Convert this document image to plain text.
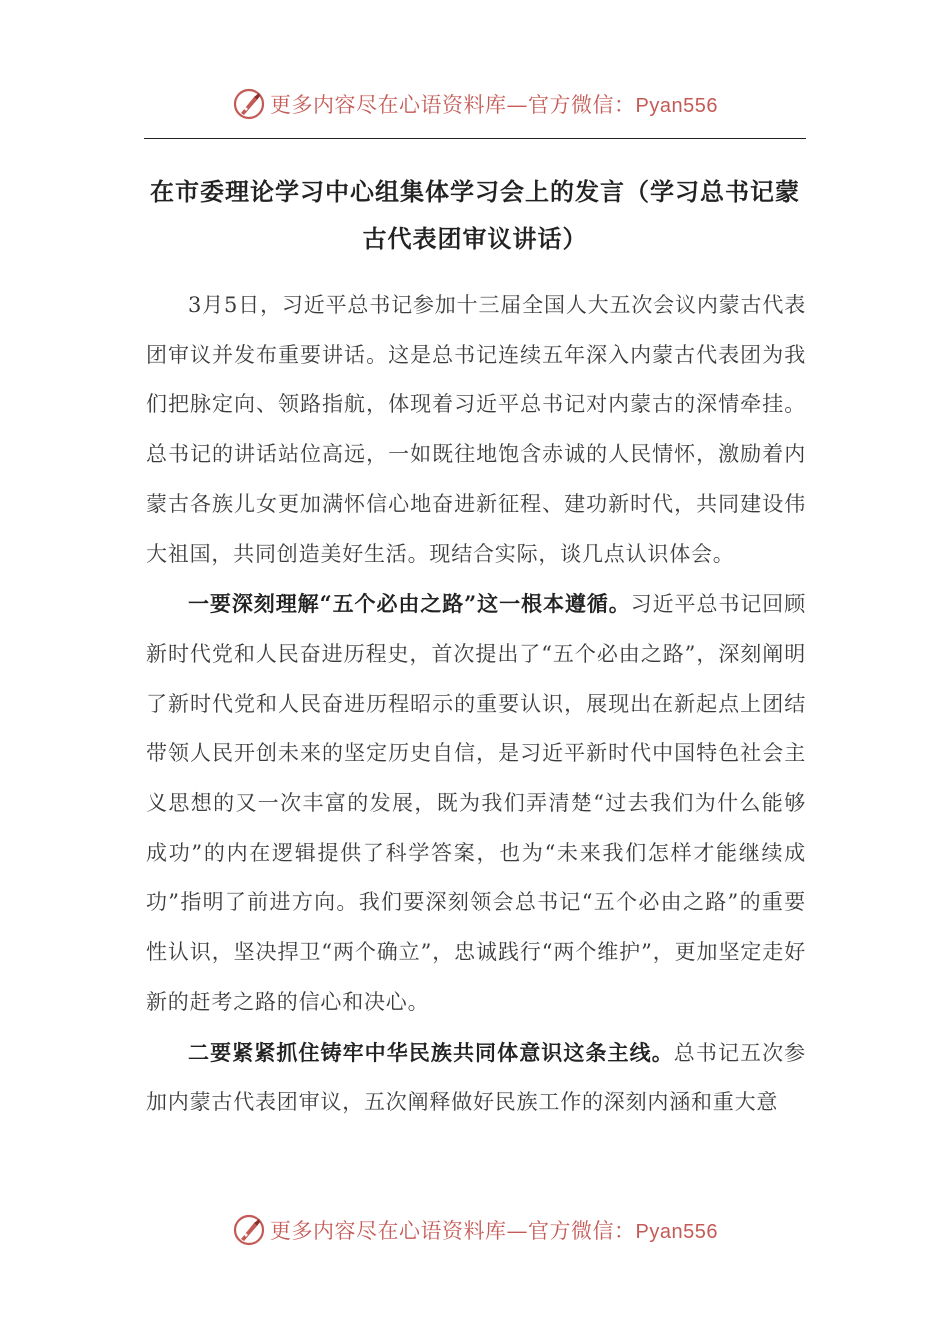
更多内容尽在心语资料库—官方微信：Pyan556
在市委理论学习中心组集体学习会上的发言（学习总书记蒙古代表团审议讲话）

3月5日，习近平总书记参加十三届全国人大五次会议内蒙古代表团审议并发布重要讲话。这是总书记连续五年深入内蒙古代表团为我们把脉定向、领路指航，体现着习近平总书记对内蒙古的深情牵挂。总书记的讲话站位高远，一如既往地饱含赤诚的人民情怀，激励着内蒙古各族儿女更加满怀信心地奋进新征程、建功新时代，共同建设伟大祖国，共同创造美好生活。现结合实际，谈几点认识体会。

一要深刻理解“五个必由之路”这一根本遵循。习近平总书记回顾新时代党和人民奋进历程史，首次提出了“五个必由之路”，深刻阐明了新时代党和人民奋进历程昭示的重要认识，展现出在新起点上团结带领人民开创未来的坚定历史自信，是习近平新时代中国特色社会主义思想的又一次丰富的发展，既为我们弄清楚“过去我们为什么能够成功”的内在逻辑提供了科学答案，也为“未来我们怎样才能继续成功”指明了前进方向。我们要深刻领会总书记“五个必由之路”的重要性认识，坚决捍卫“两个确立”，忠诚践行“两个维护”，更加坚定走好新的赶考之路的信心和决心。

二要紧紧抓住铸牢中华民族共同体意识这条主线。总书记五次参加内蒙古代表团审议，五次阐释做好民族工作的深刻内涵和重大意

更多内容尽在心语资料库—官方微信：Pyan556
